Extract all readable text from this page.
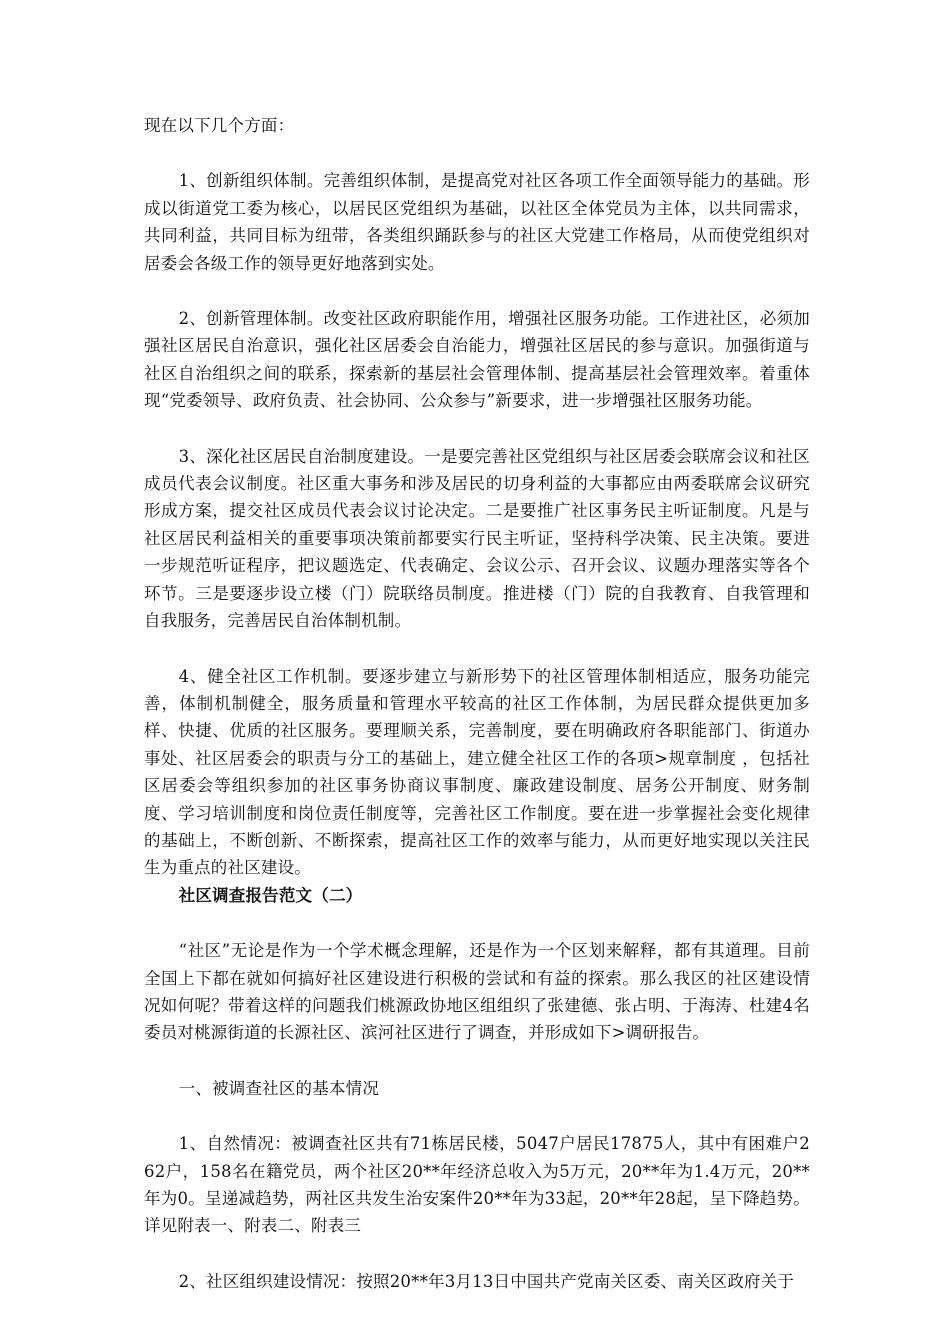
现在以下几个方面：

1、创新组织体制。完善组织体制，是提高党对社区各项工作全面领导能力的基础。形成以街道党工委为核心，以居民区党组织为基础，以社区全体党员为主体，以共同需求，共同利益，共同目标为纽带，各类组织踊跃参与的社区大党建工作格局，从而使党组织对居委会各级工作的领导更好地落到实处。

2、创新管理体制。改变社区政府职能作用，增强社区服务功能。工作进社区，必须加强社区居民自治意识，强化社区居委会自治能力，增强社区居民的参与意识。加强街道与社区自治组织之间的联系，探索新的基层社会管理体制、提高基层社会管理效率。着重体现“党委领导、政府负责、社会协同、公众参与”新要求，进一步增强社区服务功能。

3、深化社区居民自治制度建设。一是要完善社区党组织与社区居委会联席会议和社区成员代表会议制度。社区重大事务和涉及居民的切身利益的大事都应由两委联席会议研究形成方案，提交社区成员代表会议讨论决定。二是要推广社区事务民主听证制度。凡是与社区居民利益相关的重要事项决策前都要实行民主听证，坚持科学决策、民主决策。要进一步规范听证程序，把议题选定、代表确定、会议公示、召开会议、议题办理落实等各个环节。三是要逐步设立楼（门）院联络员制度。推进楼（门）院的自我教育、自我管理和自我服务，完善居民自治体制机制。

4、健全社区工作机制。要逐步建立与新形势下的社区管理体制相适应，服务功能完善，体制机制健全，服务质量和管理水平较高的社区工作体制，为居民群众提供更加多样、快捷、优质的社区服务。要理顺关系，完善制度，要在明确政府各职能部门、街道办事处、社区居委会的职责与分工的基础上，建立健全社区工作的各项>规章制度 ，包括社区居委会等组织参加的社区事务协商议事制度、廉政建设制度、居务公开制度、财务制度、学习培训制度和岗位责任制度等，完善社区工作制度。要在进一步掌握社会变化规律的基础上，不断创新、不断探索，提高社区工作的效率与能力，从而更好地实现以关注民生为重点的社区建设。

社区调查报告范文（二）

“社区”无论是作为一个学术概念理解，还是作为一个区划来解释，都有其道理。目前全国上下都在就如何搞好社区建设进行积极的尝试和有益的探索。那么我区的社区建设情况如何呢？带着这样的问题我们桃源政协地区组组织了张建德、张占明、于海涛、杜建4名委员对桃源街道的长源社区、滨河社区进行了调查，并形成如下>调研报告。

一、被调查社区的基本情况

1、自然情况：被调查社区共有71栋居民楼，5047户居民17875人，其中有困难户262户，158名在籍党员，两个社区20**年经济总收入为5万元，20**年为1.4万元，20**年为0。呈递减趋势，两社区共发生治安案件20**年为33起，20**年28起，呈下降趋势。详见附表一、附表二、附表三

2、社区组织建设情况：按照20**年3月13日中国共产党南关区委、南关区政府关于
